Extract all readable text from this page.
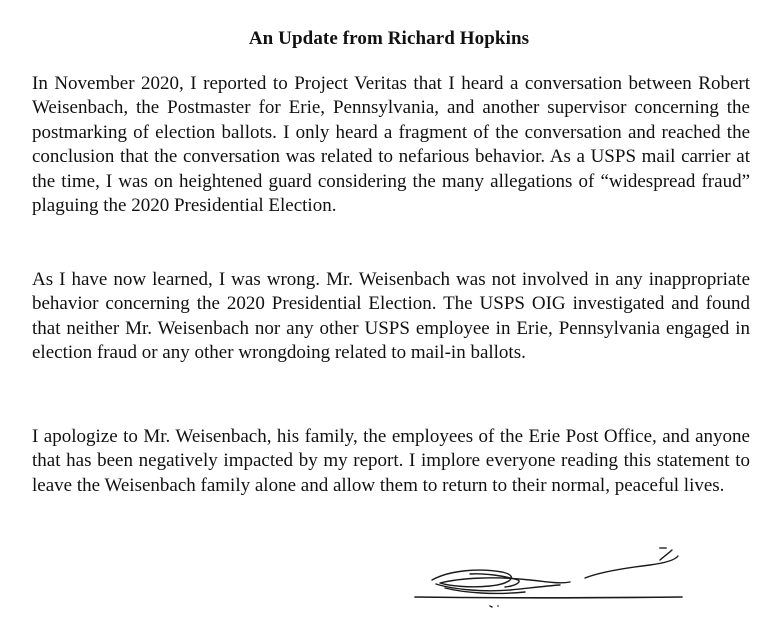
An Update from Richard Hopkins

In November 2020, I reported to Project Veritas that I heard a conversation between Robert Weisenbach, the Postmaster for Erie, Pennsylvania, and another supervisor concerning the postmarking of election ballots. I only heard a fragment of the conversation and reached the conclusion that the conversation was related to nefarious behavior. As a USPS mail carrier at the time, I was on heightened guard considering the many allegations of “widespread fraud” plaguing the 2020 Presidential Election.

As I have now learned, I was wrong. Mr. Weisenbach was not involved in any inappropriate behavior concerning the 2020 Presidential Election. The USPS OIG investigated and found that neither Mr. Weisenbach nor any other USPS employee in Erie, Pennsylvania engaged in election fraud or any other wrongdoing related to mail-in ballots.

I apologize to Mr. Weisenbach, his family, the employees of the Erie Post Office, and anyone that has been negatively impacted by my report. I implore everyone reading this statement to leave the Weisenbach family alone and allow them to return to their normal, peaceful lives.
